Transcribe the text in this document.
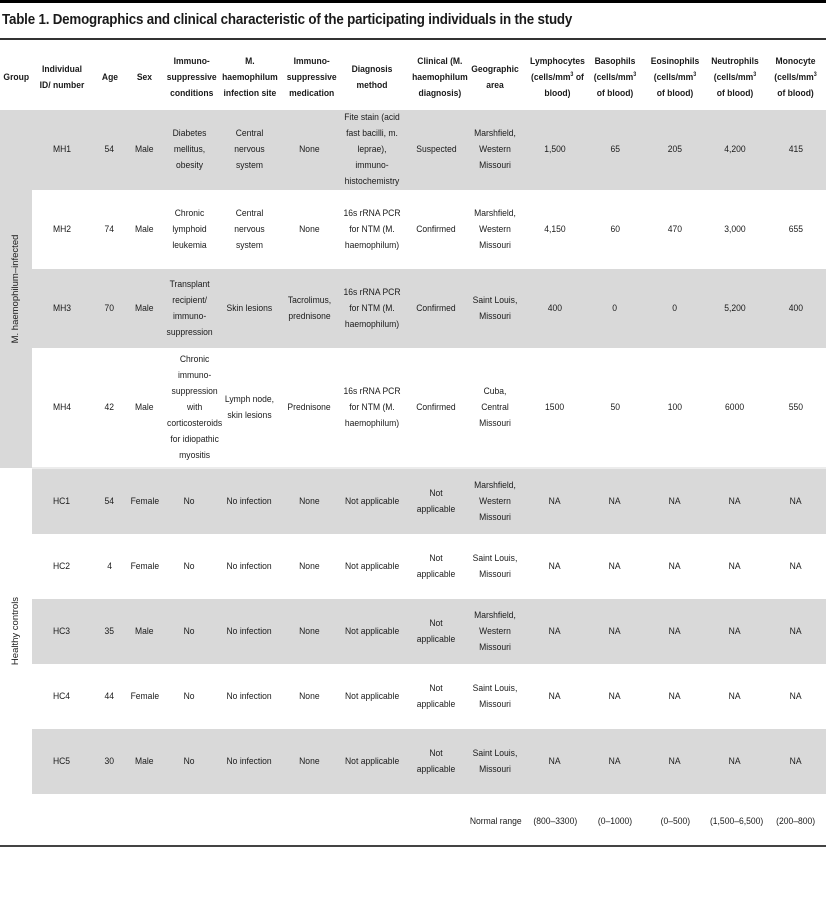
Table 1. Demographics and clinical characteristic of the participating individuals in the study
Group	Individual ID/ number	Age	Sex	Immuno-suppressive conditions	M. haemophilum infection site	Immuno-suppressive medication	Diagnosis method	Clinical (M. haemophilum diagnosis)	Geographic area	Lymphocytes ($cells/mm^3$ of blood)	Basophils ($cells/mm^3$ of blood)	Eosinophils ($cells/mm^3$ of blood)	Neutrophils ($cells/mm^3$ of blood)	Monocyte ($cells/mm^3$ of blood)

M. haemophilum–infected	MH1	54	Male	Diabetes mellitus, obesity	Central nervous system	None	Fite stain (acid fast bacilli, m. leprae), immuno-histochemistry	Suspected	Marshfield, Western Missouri	1,500	65	205	4,200	415
	MH2	74	Male	Chronic lymphoid leukemia	Central nervous system	None	16s rRNA PCR for NTM (M. haemophilum)	Confirmed	Marshfield, Western Missouri	4,150	60	470	3,000	655
	MH3	70	Male	Transplant recipient/ immuno-suppression	Skin lesions	Tacrolimus, prednisone	16s rRNA PCR for NTM (M. haemophilum)	Confirmed	Saint Louis, Missouri	400	0	0	5,200	400
	MH4	42	Male	Chronic immuno-suppression with corticosteroids for idiopathic myositis	Lymph node, skin lesions	Prednisone	16s rRNA PCR for NTM (M. haemophilum)	Confirmed	Cuba, Central Missouri	1500	50	100	6000	550

Healthy controls	HC1	54	Female	No	No infection	None	Not applicable	Not applicable	Marshfield, Western Missouri	NA	NA	NA	NA	NA
	HC2	4	Female	No	No infection	None	Not applicable	Not applicable	Saint Louis, Missouri	NA	NA	NA	NA	NA
	HC3	35	Male	No	No infection	None	Not applicable	Not applicable	Marshfield, Western Missouri	NA	NA	NA	NA	NA
	HC4	44	Female	No	No infection	None	Not applicable	Not applicable	Saint Louis, Missouri	NA	NA	NA	NA	NA
	HC5	30	Male	No	No infection	None	Not applicable	Not applicable	Saint Louis, Missouri	NA	NA	NA	NA	NA
									Normal range	(800–3300)	(0–1000)	(0–500)	(1,500–6,500)	(200–800)
